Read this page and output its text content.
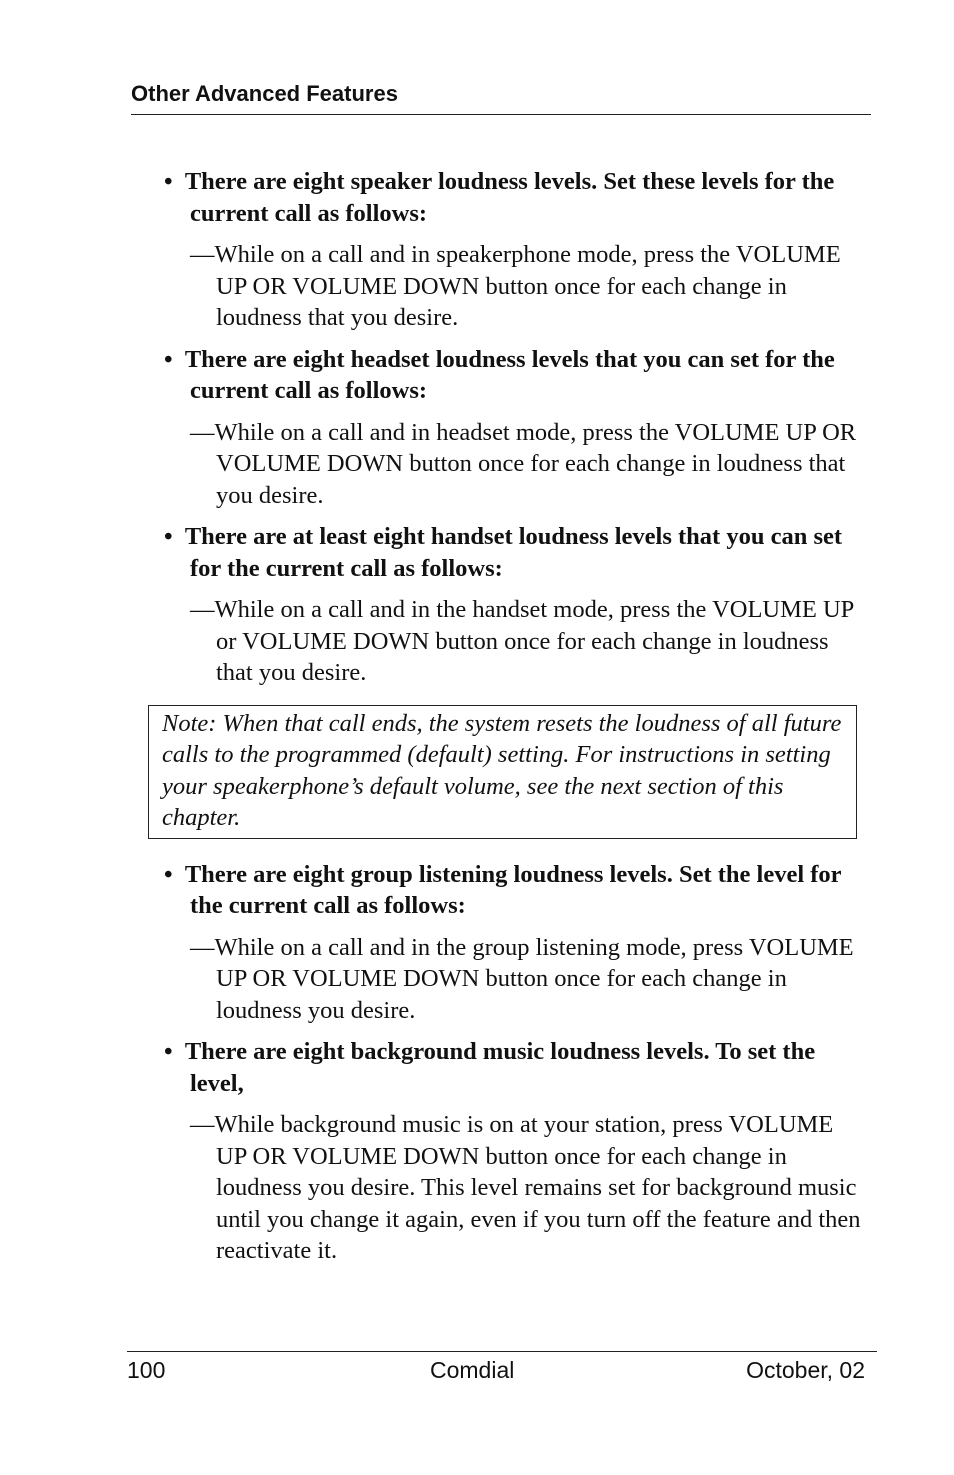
Other Advanced Features

•  There are eight speaker loudness levels. Set these levels for the current call as follows:

—While on a call and in speakerphone mode, press the VOLUME UP OR VOLUME DOWN button once for each change in loudness that you desire.

•  There are eight headset loudness levels that you can set for the current call as follows:

—While on a call and in headset mode, press the VOLUME UP OR VOLUME DOWN button once for each change in loudness that you desire.

•  There are at least eight handset loudness levels that you can set for the current call as follows:

—While on a call and in the handset mode, press the VOLUME UP or VOLUME DOWN button once for each change in loudness that you desire.

Note: When that call ends, the system resets the loudness of all future calls to the programmed (default) setting. For instructions in setting your speakerphone’s default volume, see the next section of this chapter.

•  There are eight group listening loudness levels. Set the level for the current call as follows:

—While on a call and in the group listening mode, press VOLUME UP OR VOLUME DOWN button once for each change in loudness you desire.

•  There are eight background music loudness levels. To set the level,

—While background music is on at your station, press VOLUME UP OR VOLUME DOWN button once for each change in loudness you desire. This level remains set for background music until you change it again, even if you turn off the feature and then reactivate it.

100	Comdial	October, 02
